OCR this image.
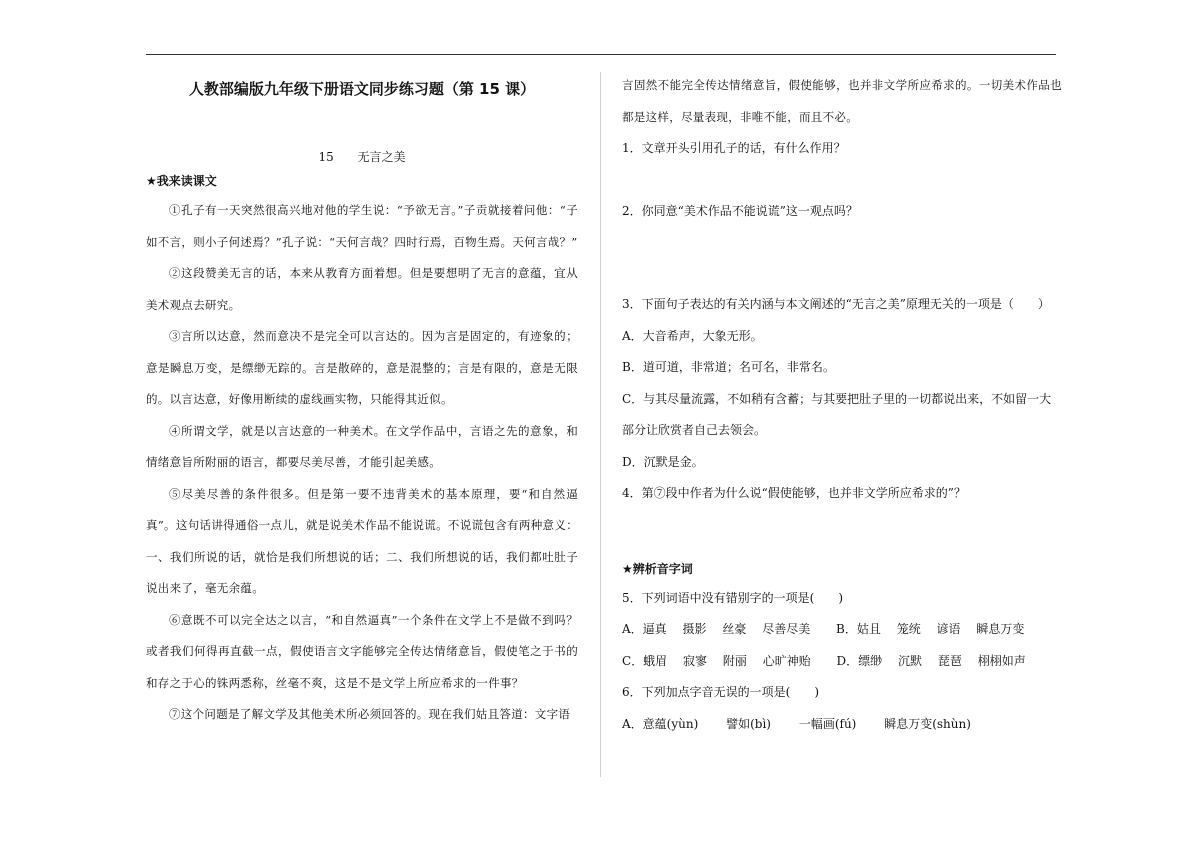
人教部编版九年级下册语文同步练习题（第 15 课）
15 无言之美
★我来读课文

①孔子有一天突然很高兴地对他的学生说：“予欲无言。”子贡就接着问他：“子如不言，则小子何述焉？”孔子说：“天何言哉？四时行焉，百物生焉。天何言哉？”

②这段赞美无言的话，本来从教育方面着想。但是要想明了无言的意蕴，宜从美术观点去研究。

③言所以达意，然而意决不是完全可以言达的。因为言是固定的，有迹象的；意是瞬息万变，是缥缈无踪的。言是散碎的，意是混整的；言是有限的，意是无限的。以言达意，好像用断续的虚线画实物，只能得其近似。

④所谓文学，就是以言达意的一种美术。在文学作品中，言语之先的意象，和情绪意旨所附丽的语言，都要尽美尽善，才能引起美感。

⑤尽美尽善的条件很多。但是第一要不违背美术的基本原理，要“和自然逼真”。这句话讲得通俗一点儿，就是说美术作品不能说谎。不说谎包含有两种意义：一、我们所说的话，就恰是我们所想说的话；二、我们所想说的话，我们都吐肚子说出来了，毫无余蕴。

⑥意既不可以完全达之以言，“和自然逼真”一个条件在文学上不是做不到吗？或者我们何得再直截一点，假使语言文字能够完全传达情绪意旨，假使笔之于书的和存之于心的铢两悉称，丝毫不爽，这是不是文学上所应希求的一件事？

⑦这个问题是了解文学及其他美术所必须回答的。现在我们姑且答道：文字语

言固然不能完全传达情绪意旨，假使能够，也并非文学所应希求的。一切美术作品也都是这样，尽量表现，非唯不能，而且不必。

1．文章开头引用孔子的话，有什么作用？

2．你同意“美术作品不能说谎”这一观点吗？

3．下面句子表达的有关内涵与本文阐述的“无言之美”原理无关的一项是（　　）

A．大音希声，大象无形。

B．道可道，非常道；名可名，非常名。

C．与其尽量流露，不如稍有含蓄；与其要把肚子里的一切都说出来，不如留一大部分让欣赏者自己去领会。

D．沉默是金。

4．第⑦段中作者为什么说“假使能够，也并非文学所应希求的”？

★辨析音字词

5．下列词语中没有错别字的一项是(　　)

A．逼真 摄影 丝豪 尽善尽美 B．姑且 笼统 谚语 瞬息万变

C．蛾眉 寂寥 附丽 心旷神贻 D．缥缈 沉默 琵琶 栩栩如声

6．下列加点字音无误的一项是(　　)

A．意蕴(yùn) 譬如(bì) 一幅画(fú) 瞬息万变(shùn)
